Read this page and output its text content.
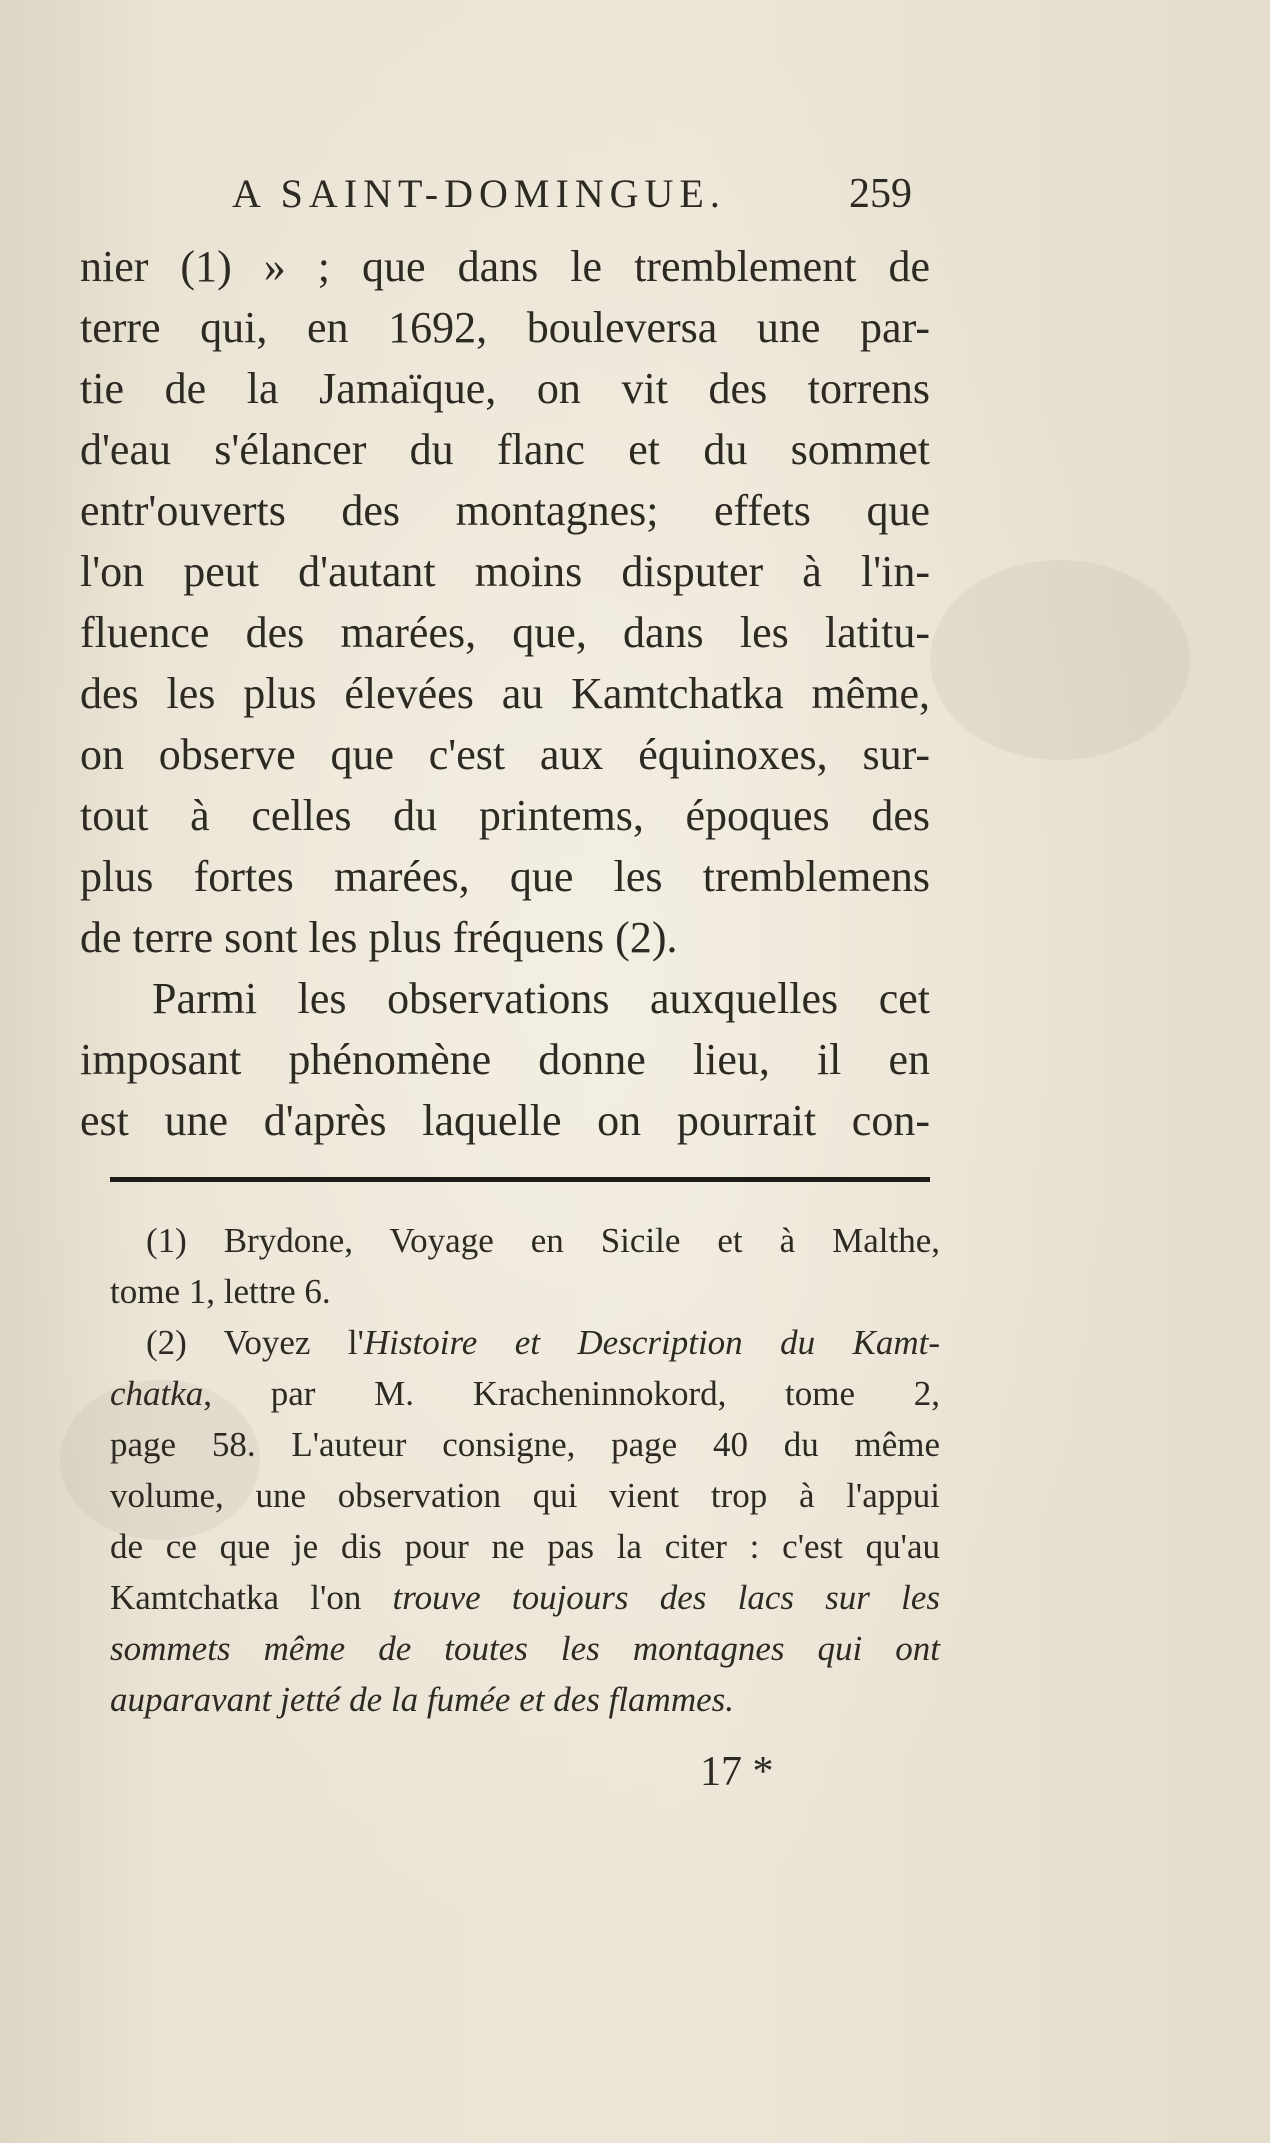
A SAINT-DOMINGUE.	259
nier (1) » ; que dans le tremblement de
terre qui, en 1692, bouleversa une par-
tie de la Jamaïque, on vit des torrens
d'eau s'élancer du flanc et du sommet
entr'ouverts des montagnes; effets que
l'on peut d'autant moins disputer à l'in-
fluence des marées, que, dans les latitu-
des les plus élevées au Kamtchatka même,
on observe que c'est aux équinoxes, sur-
tout à celles du printems, époques des
plus fortes marées, que les tremblemens
de terre sont les plus fréquens (2).
Parmi les observations auxquelles cet
imposant phénomène donne lieu, il en
est une d'après laquelle on pourrait con-
(1) Brydone, Voyage en Sicile et à Malthe,
tome 1, lettre 6.
(2) Voyez l'Histoire et Description du Kamt-
chatka, par M. Kracheninnokord, tome 2,
page 58. L'auteur consigne, page 40 du même
volume, une observation qui vient trop à l'appui
de ce que je dis pour ne pas la citer : c'est qu'au
Kamtchatka l'on trouve toujours des lacs sur les
sommets même de toutes les montagnes qui ont
auparavant jetté de la fumée et des flammes.
17 *
